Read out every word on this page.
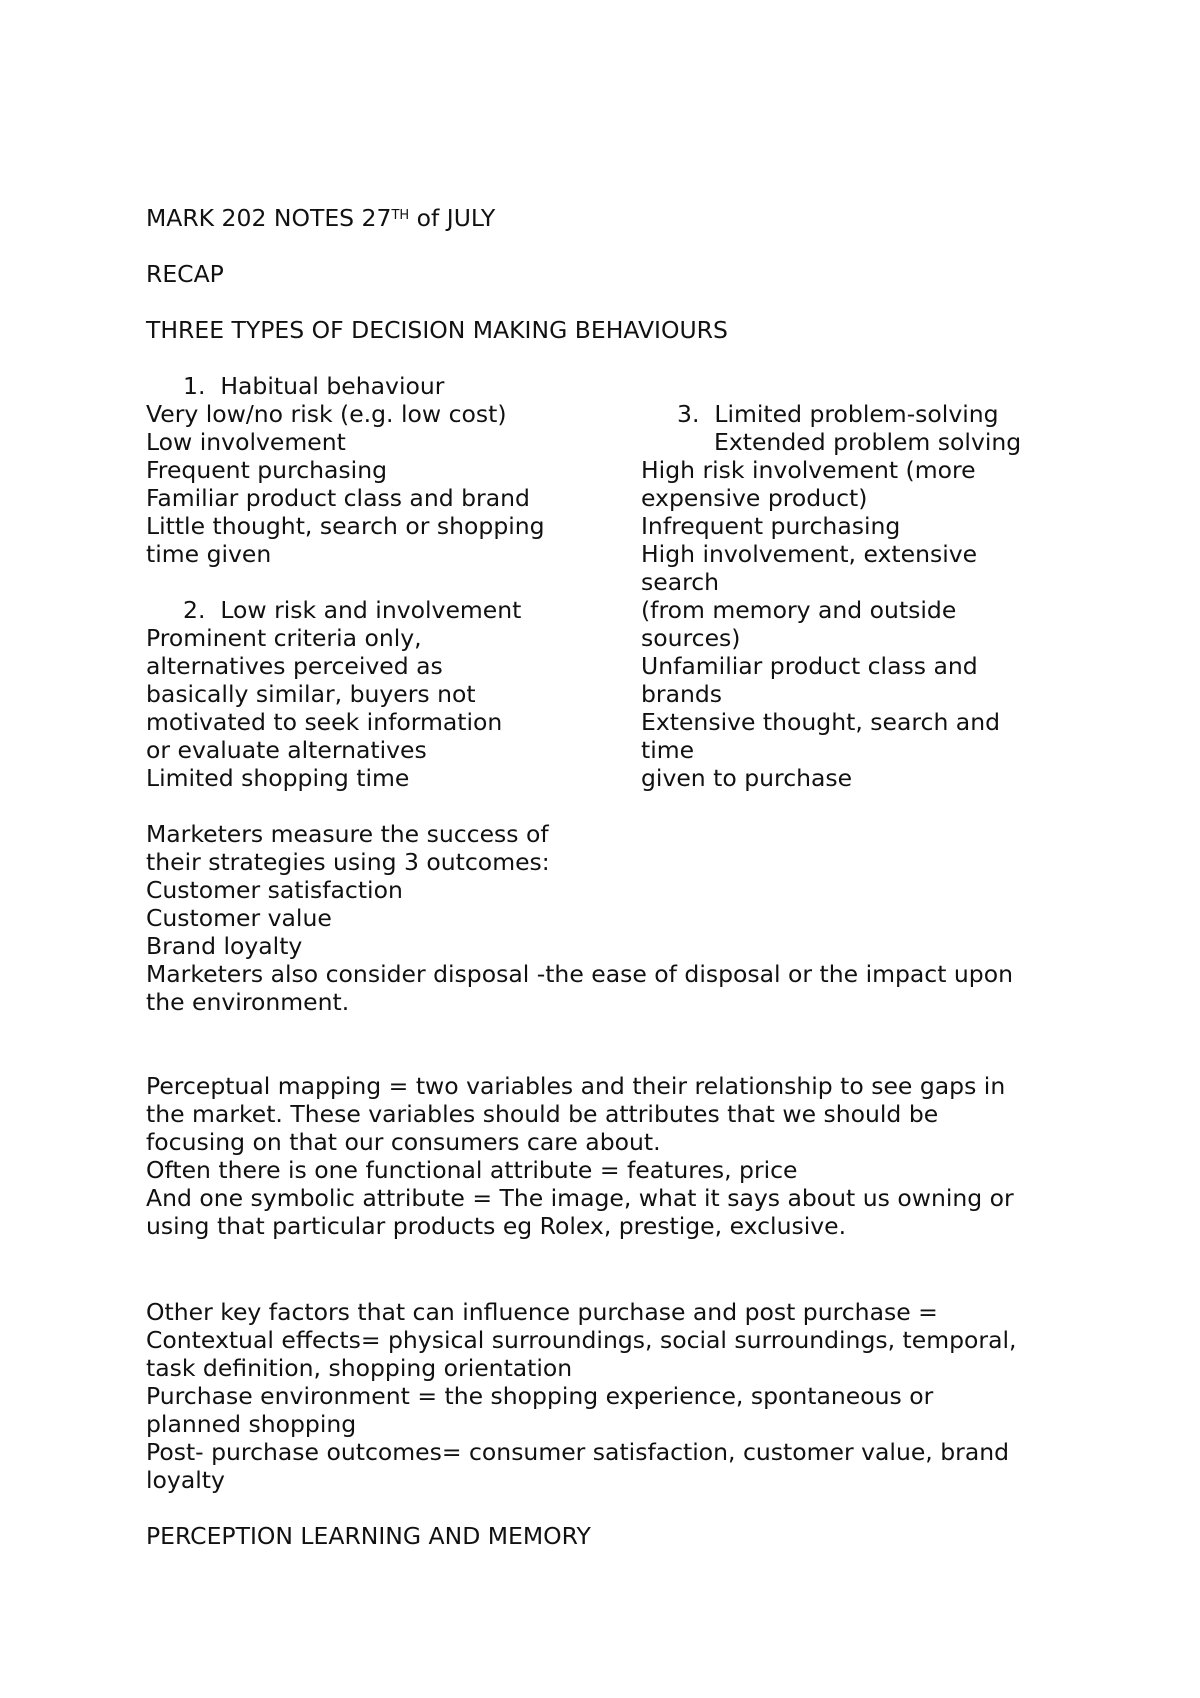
MARK 202 NOTES 27TH of JULY
RECAP
THREE TYPES OF DECISION MAKING BEHAVIOURS
1.  Habitual behaviour
Very low/no risk (e.g. low cost)
Low involvement
Frequent purchasing
Familiar product class and brand
Little thought, search or shopping
time given
2.  Low risk and involvement
Prominent criteria only,
alternatives perceived as
basically similar, buyers not
motivated to seek information
or evaluate alternatives
Limited shopping time
3.  Limited problem-solving
Extended problem solving
High risk involvement (more
expensive product)
Infrequent purchasing
High involvement, extensive
search
(from memory and outside
sources)
Unfamiliar product class and
brands
Extensive thought, search and
time
given to purchase
Marketers measure the success of
their strategies using 3 outcomes:
Customer satisfaction
Customer value
Brand loyalty
Marketers also consider disposal -the ease of disposal or the impact upon
the environment.
Perceptual mapping = two variables and their relationship to see gaps in
the market. These variables should be attributes that we should be
focusing on that our consumers care about.
Often there is one functional attribute = features, price
And one symbolic attribute = The image, what it says about us owning or
using that particular products eg Rolex, prestige, exclusive.
Other key factors that can influence purchase and post purchase =
Contextual effects= physical surroundings, social surroundings, temporal,
task definition, shopping orientation
Purchase environment = the shopping experience, spontaneous or
planned shopping
Post- purchase outcomes= consumer satisfaction, customer value, brand
loyalty
PERCEPTION LEARNING AND MEMORY
